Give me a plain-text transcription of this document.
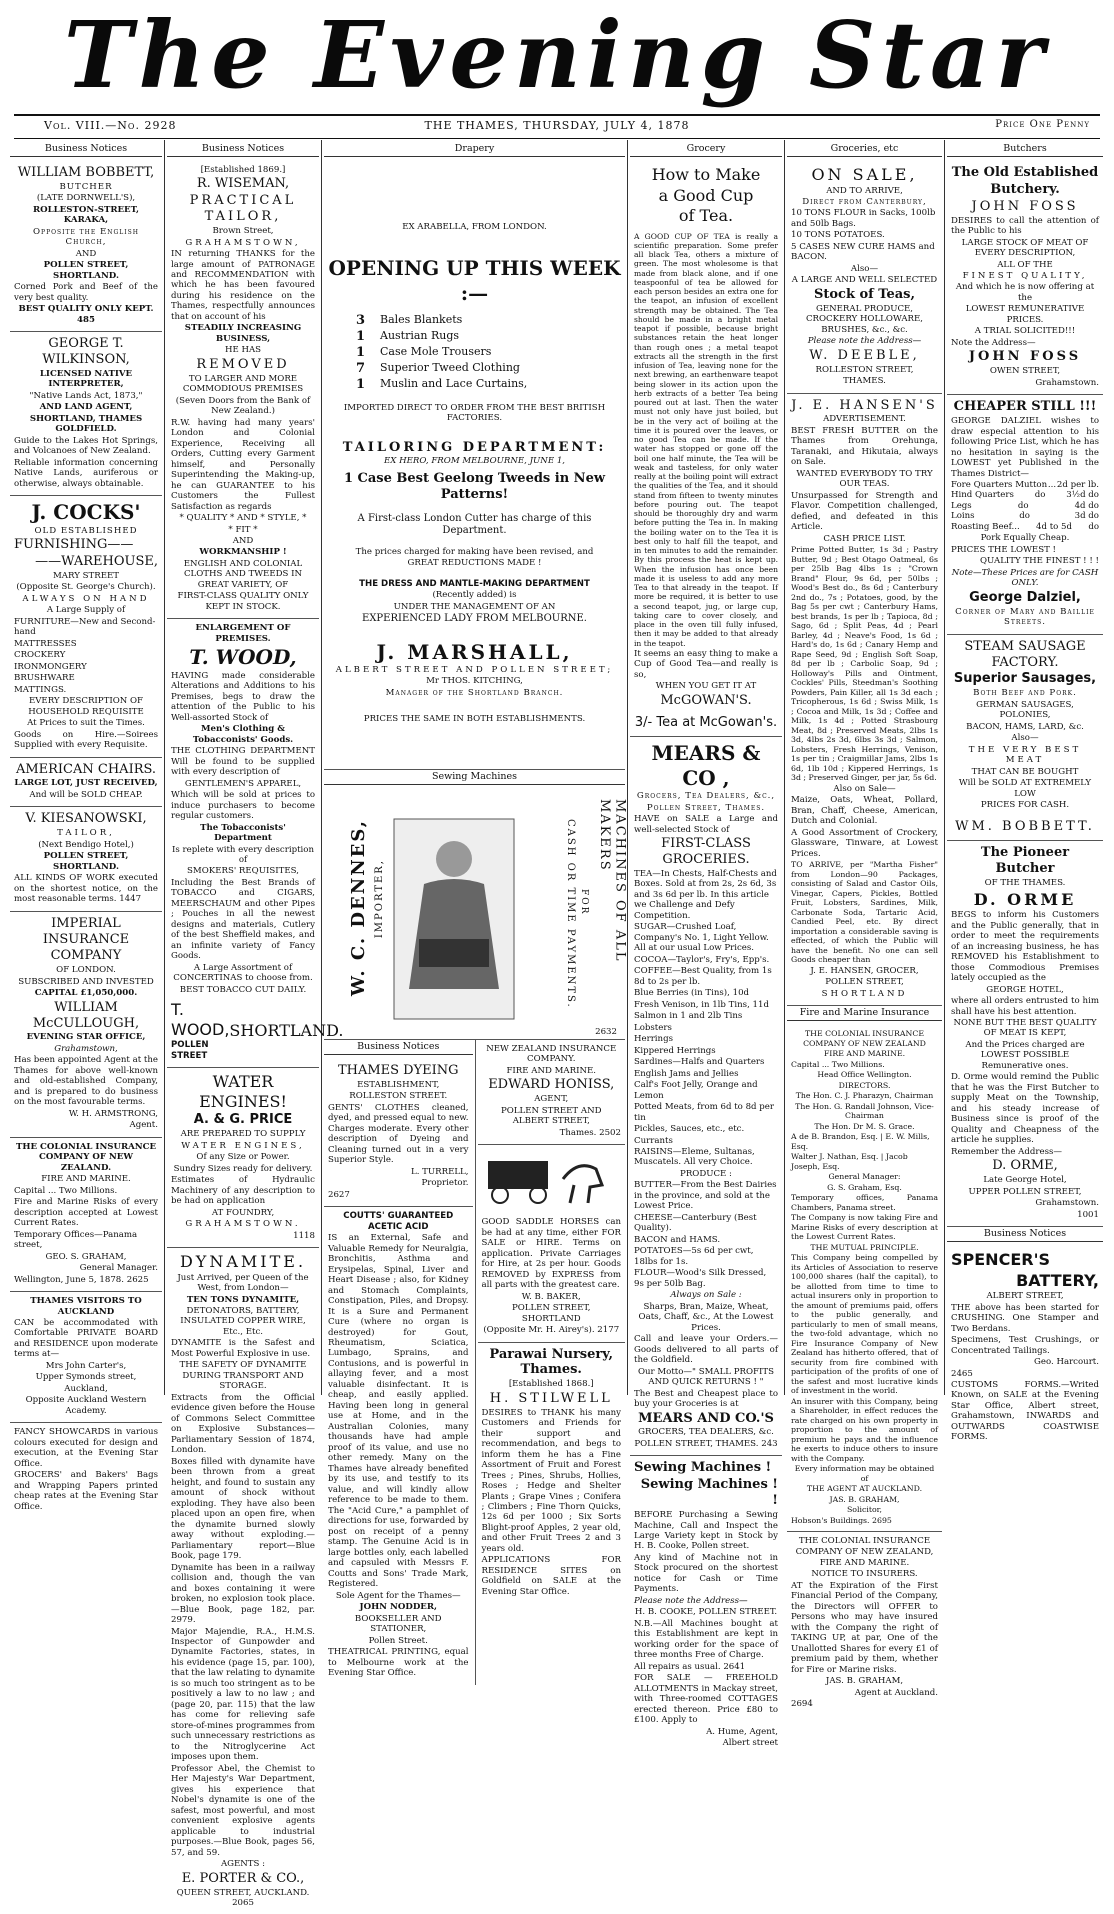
The Evening Star
Vol. VIII.—No. 2928	THE THAMES, THURSDAY, JULY 4, 1878	Price One Penny
Business Notices

WILLIAM BOBBETT,

BUTCHER

(LATE DORNWELL'S),

ROLLESTON-STREET, KARAKA,

Opposite the English Church,

AND

POLLEN STREET, SHORTLAND.

Corned Pork and Beef of the very best quality.

BEST QUALITY ONLY KEPT. 485

GEORGE T. WILKINSON,

LICENSED NATIVE INTERPRETER,

"Native Lands Act, 1873,"

AND LAND AGENT,

SHORTLAND, THAMES GOLDFIELD.

Guide to the Lakes Hot Springs, and Volcanoes of New Zealand.

Reliable information concerning Native Lands, auriferous or otherwise, always obtainable.

J. COCKS'

OLD ESTABLISHED

FURNISHING——

——WAREHOUSE,

MARY STREET

(Opposite St. George's Church).

ALWAYS ON HAND

A Large Supply of

FURNITURE—New and Second-hand

MATTRESSES

CROCKERY

IRONMONGERY

BRUSHWARE

MATTINGS.

EVERY DESCRIPTION OF HOUSEHOLD REQUISITE

At Prices to suit the Times.

Goods on Hire.—Soirees Supplied with every Requisite.

AMERICAN CHAIRS.

LARGE LOT, JUST RECEIVED,

And will be SOLD CHEAP.

V. KIESANOWSKI,

TAILOR,

(Next Bendigo Hotel,)

POLLEN STREET, SHORTLAND.

ALL KINDS OF WORK executed on the shortest notice, on the most reasonable terms. 1447

IMPERIAL

INSURANCE COMPANY

OF LONDON.

SUBSCRIBED AND INVESTED

CAPITAL £1,050,000.

WILLIAM McCULLOUGH,

EVENING STAR OFFICE,

Grahamstown,

Has been appointed Agent at the Thames for above well-known and old-established Company, and is prepared to do business on the most favourable terms.

W. H. ARMSTRONG,

Agent.

THE COLONIAL INSURANCE COMPANY OF NEW ZEALAND.

FIRE AND MARINE.

Capital ... Two Millions.

Fire and Marine Risks of every description accepted at Lowest Current Rates.

Temporary Offices—Panama street,

GEO. S. GRAHAM,

General Manager.

Wellington, June 5, 1878. 2625

THAMES VISITORS TO AUCKLAND

CAN be accommodated with Comfortable PRIVATE BOARD and RESIDENCE upon moderate terms at—

Mrs John Carter's,

Upper Symonds street,

Auckland,

Opposite Auckland Western Academy.

FANCY SHOWCARDS in various colours executed for design and execution, at the Evening Star Office.

GROCERS' and Bakers' Bags and Wrapping Papers printed cheap rates at the Evening Star Office.

Business Notices

[Established 1869.]

R. WISEMAN,

PRACTICAL TAILOR,

Brown Street,

GRAHAMSTOWN,

IN returning THANKS for the large amount of PATRONAGE and RECOMMENDATION with which he has been favoured during his residence on the Thames, respectfully announces that on account of his

STEADILY INCREASING BUSINESS,

HE HAS

REMOVED

TO LARGER AND MORE COMMODIOUS PREMISES

(Seven Doors from the Bank of New Zealand.)

R.W. having had many years' London and Colonial Experience, Receiving all Orders, Cutting every Garment himself, and Personally Superintending the Making-up, he can GUARANTEE to his Customers the Fullest Satisfaction as regards

* QUALITY * AND * STYLE, *

* FIT *

AND

WORKMANSHIP !

ENGLISH AND COLONIAL CLOTHS AND TWEEDS IN GREAT VARIETY, OF

FIRST-CLASS QUALITY ONLY KEPT IN STOCK.

ENLARGEMENT OF PREMISES.

T. WOOD,

HAVING made considerable Alterations and Additions to his Premises, begs to draw the attention of the Public to his Well-assorted Stock of

Men's Clothing & Tobacconists' Goods.

THE CLOTHING DEPARTMENT Will be found to be supplied with every description of

GENTLEMEN'S APPAREL,

Which will be sold at prices to induce purchasers to become regular customers.

The Tobacconists' Department

Is replete with every description of

SMOKERS' REQUISITES,

Including the Best Brands of TOBACCO and CIGARS, MEERSCHAUM and other Pipes ; Pouches in all the newest designs and materials, Cutlery of the best Sheffield makes, and an infinite variety of Fancy Goods.

A Large Assortment of CONCERTINAS to choose from.

BEST TOBACCO CUT DAILY.

T. WOOD,

POLLEN STREET

SHORTLAND.

WATER ENGINES!

A. & G. PRICE

ARE PREPARED TO SUPPLY

WATER ENGINES,

Of any Size or Power.

Sundry Sizes ready for delivery.

Estimates of Hydraulic Machinery of any description to be had on application

AT FOUNDRY,

GRAHAMSTOWN.

1118

DYNAMITE.

Just Arrived, per Queen of the West, from London—

TEN TONS DYNAMITE,

DETONATORS, BATTERY, INSULATED COPPER WIRE, Etc., Etc.

DYNAMITE is the Safest and Most Powerful Explosive in use.

THE SAFETY OF DYNAMITE DURING TRANSPORT AND STORAGE.

Extracts from the Official evidence given before the House of Commons Select Committee on Explosive Substances—Parliamentary Session of 1874, London.

Boxes filled with dynamite have been thrown from a great height, and found to sustain any amount of shock without exploding. They have also been placed upon an open fire, when the dynamite burned slowly away without exploding.—Parliamentary report—Blue Book, page 179.

Dynamite has been in a railway collision and, though the van and boxes containing it were broken, no explosion took place.—Blue Book, page 182, par. 2979.

Major Majendie, R.A., H.M.S. Inspector of Gunpowder and Dynamite Factories, states, in his evidence (page 15, par. 100), that the law relating to dynamite is so much too stringent as to be positively a law to no law ; and (page 20, par. 115) that the law has come for relieving safe store-of-mines programmes from such unnecessary restrictions as to the Nitroglycerine Act imposes upon them.

Professor Abel, the Chemist to Her Majesty's War Department, gives his experience that Nobel's dynamite is one of the safest, most powerful, and most convenient explosive agents applicable to industrial purposes.—Blue Book, pages 56, 57, and 59.

AGENTS :

E. PORTER & CO.,

QUEEN STREET, AUCKLAND. 2065

Drapery

EX ARABELLA, FROM LONDON.

OPENING UP THIS WEEK :—

3	Bales Blankets
1	Austrian Rugs
1	Case Mole Trousers
7	Superior Tweed Clothing
1	Muslin and Lace Curtains,

IMPORTED DIRECT TO ORDER FROM THE BEST BRITISH FACTORIES.

TAILORING DEPARTMENT:

EX HERO, FROM MELBOURNE, JUNE 1,

1 Case Best Geelong Tweeds in New Patterns!

A First-class London Cutter has charge of this Department.

The prices charged for making have been revised, and

GREAT REDUCTIONS MADE !

THE DRESS AND MANTLE-MAKING DEPARTMENT

(Recently added) is

UNDER THE MANAGEMENT OF AN

EXPERIENCED LADY FROM MELBOURNE.

J. MARSHALL,

ALBERT STREET AND POLLEN STREET;

Mr THOS. KITCHING,

Manager of the Shortland Branch.

PRICES THE SAME IN BOTH ESTABLISHMENTS.

Sewing Machines
W. C. DENNES, IMPORTER,	MACHINES OF ALL MAKERS
FOR
CASH OR TIME PAYMENTS.
2632
Business Notices

THAMES DYEING

ESTABLISHMENT,

ROLLESTON STREET.

GENTS' CLOTHES cleaned, dyed, and pressed equal to new. Charges moderate. Every other description of Dyeing and Cleaning turned out in a very Superior Style.

L. TURRELL,

Proprietor.

2627

COUTTS' GUARANTEED ACETIC ACID

IS an External, Safe and Valuable Remedy for Neuralgia, Bronchitis, Asthma and Erysipelas, Spinal, Liver and Heart Disease ; also, for Kidney and Stomach Complaints, Constipation, Piles, and Dropsy. It is a Sure and Permanent Cure (where no organ is destroyed) for Gout, Rheumatism, Sciatica, Lumbago, Sprains, and Contusions, and is powerful in allaying fever, and a most valuable disinfectant. It is cheap, and easily applied. Having been long in general use at Home, and in the Australian Colonies, many thousands have had ample proof of its value, and use no other remedy. Many on the Thames have already benefited by its use, and testify to its value, and will kindly allow reference to be made to them. The "Acid Cure," a pamphlet of directions for use, forwarded by post on receipt of a penny stamp. The Genuine Acid is in large bottles only, each labelled and capsuled with Messrs F. Coutts and Sons' Trade Mark, Registered.

Sole Agent for the Thames—

JOHN NODDER,

BOOKSELLER AND STATIONER,

Pollen Street.

THEATRICAL PRINTING, equal to Melbourne work at the Evening Star Office.

NEW ZEALAND INSURANCE COMPANY.

FIRE AND MARINE.

EDWARD HONISS,

AGENT,

POLLEN STREET AND ALBERT STREET,

Thames. 2502

GOOD SADDLE HORSES can be had at any time, either FOR SALE or HIRE. Terms on application. Private Carriages for Hire, at 2s per hour. Goods REMOVED by EXPRESS from all parts with the greatest care.

W. B. BAKER,

POLLEN STREET, SHORTLAND

(Opposite Mr. H. Airey's). 2177

Parawai Nursery, Thames.

[Established 1868.]

H. STILWELL

DESIRES to THANK his many Customers and Friends for their support and recommendation, and begs to inform them he has a Fine Assortment of Fruit and Forest Trees ; Pines, Shrubs, Hollies, Roses ; Hedge and Shelter Plants ; Grape Vines ; Conifera ; Climbers ; Fine Thorn Quicks, 12s 6d per 1000 ; Six Sorts Blight-proof Apples, 2 year old, and other Fruit Trees 2 and 3 years old.

APPLICATIONS FOR RESIDENCE SITES on Goldfield on SALE at the Evening Star Office.

Grocery

How to Make

a Good Cup

of Tea.

A GOOD CUP OF TEA is really a scientific preparation. Some prefer all black Tea, others a mixture of green. The most wholesome is that made from black alone, and if one teaspoonful of tea be allowed for each person besides an extra one for the teapot, an infusion of excellent strength may be obtained. The Tea should be made in a bright metal teapot if possible, because bright substances retain the heat longer than rough ones ; a metal teapot extracts all the strength in the first infusion of Tea, leaving none for the next brewing, an earthenware teapot being slower in its action upon the herb extracts of a better Tea being poured out at last. Then the water must not only have just boiled, but be in the very act of boiling at the time it is poured over the leaves, or no good Tea can be made. If the water has stopped or gone off the boil one half minute, the Tea will be weak and tasteless, for only water really at the boiling point will extract the qualities of the Tea, and it should stand from fifteen to twenty minutes before pouring out. The teapot should be thoroughly dry and warm before putting the Tea in. In making the boiling water on to the Tea it is best only to half fill the teapot, and in ten minutes to add the remainder. By this process the heat is kept up. When the infusion has once been made it is useless to add any more Tea to that already in the teapot. If more be required, it is better to use a second teapot, jug, or large cup, taking care to cover closely, and place in the oven till fully infused, then it may be added to that already in the teapot.

It seems an easy thing to make a Cup of Good Tea—and really is so,

WHEN YOU GET IT AT

McGOWAN'S.

3/- Tea at McGowan's.

MEARS & CO ,

Grocers, Tea Dealers, &c.,

Pollen Street, Thames.

HAVE on SALE a Large and well-selected Stock of

FIRST-CLASS GROCERIES.

TEA—In Chests, Half-Chests and Boxes. Sold at from 2s, 2s 6d, 3s and 3s 6d per lb. In this article we Challenge and Defy Competition.

SUGAR—Crushed Loaf, Company's No. 1, Light Yellow. All at our usual Low Prices.

COCOA—Taylor's, Fry's, Epp's.

COFFEE—Best Quality, from 1s 8d to 2s per lb.

Blue Berries (in Tins), 10d

Fresh Venison, in 1lb Tins, 11d

Salmon in 1 and 2lb Tins

Lobsters

Herrings

Kippered Herrings

Sardines—Halfs and Quarters

English Jams and Jellies

Calf's Foot Jelly, Orange and Lemon

Potted Meats, from 6d to 8d per tin

Pickles, Sauces, etc., etc.

Currants

RAISINS—Eleme, Sultanas, Muscatels. All very Choice.

PRODUCE :

BUTTER—From the Best Dairies in the province, and sold at the Lowest Price.

CHEESE—Canterbury (Best Quality).

BACON and HAMS.

POTATOES—5s 6d per cwt, 18lbs for 1s.

FLOUR—Wood's Silk Dressed, 9s per 50lb Bag.

Always on Sale :

Sharps, Bran, Maize, Wheat, Oats, Chaff, &c., At the Lowest Prices.

Call and leave your Orders.—Goods delivered to all parts of the Goldfield.

Our Motto—" SMALL PROFITS AND QUICK RETURNS ! "

The Best and Cheapest place to buy your Groceries is at

MEARS AND CO.'S

GROCERS, TEA DEALERS, &c.

POLLEN STREET, THAMES. 243

Sewing Machines !

Sewing Machines ! !

BEFORE Purchasing a Sewing Machine, Call and Inspect the Large Variety kept in Stock by H. B. Cooke, Pollen street.

Any kind of Machine not in Stock procured on the shortest notice for Cash or Time Payments.

Please note the Address—

H. B. COOKE, POLLEN STREET.

N.B.—All Machines bought at this Establishment are kept in working order for the space of three months Free of Charge.

All repairs as usual. 2641

FOR SALE — FREEHOLD ALLOTMENTS in Mackay street, with Three-roomed COTTAGES erected thereon. Price £80 to £100. Apply to

A. Hume, Agent,

Albert street

Groceries, etc

ON SALE,

AND TO ARRIVE,

Direct from Canterbury,

10 TONS FLOUR in Sacks, 100lb and 50lb Bags.

10 TONS POTATOES.

5 CASES NEW CURE HAMS and BACON.

Also—

A LARGE AND WELL SELECTED

Stock of Teas,

GENERAL PRODUCE, CROCKERY HOLLOWARE, BRUSHES, &c., &c.

Please note the Address—

W. DEEBLE,

ROLLESTON STREET,

THAMES.

J. E. HANSEN'S

ADVERTISEMENT.

BEST FRESH BUTTER on the Thames from Orehunga, Taranaki, and Hikutaia, always on Sale.

WANTED EVERYBODY TO TRY OUR TEAS.

Unsurpassed for Strength and Flavor. Competition challenged, defied, and defeated in this Article.

CASH PRICE LIST.

Prime Potted Butter, 1s 3d ; Pastry Butter, 9d ; Best Otago Oatmeal, 6s per 25lb Bag 4lbs 1s ; "Crown Brand" Flour, 9s 6d, per 50lbs ; Wood's Best do., 8s 6d ; Canterbury 2nd do., 7s ; Potatoes, good, by the Bag 5s per cwt ; Canterbury Hams, best brands, 1s per lb ; Tapioca, 8d ; Sago, 6d ; Split Peas, 4d ; Pearl Barley, 4d ; Neave's Food, 1s 6d ; Hard's do, 1s 6d ; Canary Hemp and Rape Seed, 9d ; English Soft Soap, 8d per lb ; Carbolic Soap, 9d ; Holloway's Pills and Ointment, Cockles' Pills, Steedman's Soothing Powders, Pain Killer, all 1s 3d each ; Tricopherous, 1s 6d ; Swiss Milk, 1s ; Cocoa and Milk, 1s 3d ; Coffee and Milk, 1s 4d ; Potted Strasbourg Meat, 8d ; Preserved Meats, 2lbs 1s 3d, 4lbs 2s 3d, 6lbs 3s 3d ; Salmon, Lobsters, Fresh Herrings, Venison, 1s per tin ; Craigmillar Jams, 2lbs 1s 6d, 1lb 10d ; Kippered Herrings, 1s 3d ; Preserved Ginger, per jar, 5s 6d.

Also on Sale—

Maize, Oats, Wheat, Pollard, Bran, Chaff, Cheese, American, Dutch and Colonial.

A Good Assortment of Crockery, Glassware, Tinware, at Lowest Prices.

TO ARRIVE, per "Martha Fisher" from London—90 Packages, consisting of Salad and Castor Oils, Vinegar, Capers, Pickles, Bottled Fruit, Lobsters, Sardines, Milk, Carbonate Soda, Tartaric Acid, Candied Peel, etc. By direct importation a considerable saving is effected, of which the Public will have the benefit. No one can sell Goods cheaper than

J. E. HANSEN, GROCER,

POLLEN STREET,

SHORTLAND

Fire and Marine Insurance

THE COLONIAL INSURANCE COMPANY OF NEW ZEALAND

FIRE AND MARINE.

Capital ... Two Millions.

Head Office Wellington.

DIRECTORS.

The Hon. C. J. Pharazyn, Chairman

The Hon. G. Randall Johnson, Vice-Chairman

The Hon. Dr M. S. Grace.

A de B. Brandon, Esq. | E. W. Mills, Esq.

Walter J. Nathan, Esq. | Jacob Joseph, Esq.

General Manager:

G. S. Graham, Esq.

Temporary offices, Panama Chambers, Panama street.

The Company is now taking Fire and Marine Risks of every description at the Lowest Current Rates.

THE MUTUAL PRINCIPLE.

This Company being compelled by its Articles of Association to reserve 100,000 shares (half the capital), to be allotted from time to time to actual insurers only in proportion to the amount of premiums paid, offers to the public generally, and particularly to men of small means, the two-fold advantage, which no Fire Insurance Company of New Zealand has hitherto offered, that of security from fire combined with participation of the profits of one of the safest and most lucrative kinds of investment in the world.

An insurer with this Company, being a Shareholder, in effect reduces the rate charged on his own property in proportion to the amount of premium he pays and the influence he exerts to induce others to insure with the Company.

Every information may be obtained of

THE AGENT AT AUCKLAND.

JAS. B. GRAHAM,

Solicitor,

Hobson's Buildings. 2695

THE COLONIAL INSURANCE COMPANY OF NEW ZEALAND,

FIRE AND MARINE.

NOTICE TO INSURERS.

AT the Expiration of the First Financial Period of the Company, the Directors will OFFER to Persons who may have insured with the Company the right of TAKING UP, at par, One of the Unallotted Shares for every £1 of premium paid by them, whether for Fire or Marine risks.

JAS. B. GRAHAM,

Agent at Auckland.

2694

Butchers

The Old Established

Butchery.

JOHN FOSS

DESIRES to call the attention of the Public to his

LARGE STOCK OF MEAT OF EVERY DESCRIPTION,

ALL OF THE

FINEST QUALITY,

And which he is now offering at the

LOWEST REMUNERATIVE PRICES.

A TRIAL SOLICITED!!!

Note the Address—

JOHN FOSS

OWEN STREET,

Grahamstown.

CHEAPER STILL !!!

GEORGE DALZIEL wishes to draw especial attention to his following Price List, which he has no hesitation in saying is the LOWEST yet Published in the Thames District—

Fore Quarters Mutton ... 2d per lb.
Hind Quarters do 3½d do
Legs	do	4d do
Loins	do	3d do
Roasting Beef... 4d to 5d do

Pork Equally Cheap.

PRICES THE LOWEST !

QUALITY THE FINEST ! ! !

Note—These Prices are for CASH ONLY.

George Dalziel,

Corner of Mary and Baillie Streets.

STEAM SAUSAGE FACTORY.

Superior Sausages,

Both Beef and Pork.

GERMAN SAUSAGES, POLONIES,

BACON, HAMS, LARD, &c.

Also—

THE VERY BEST MEAT

THAT CAN BE BOUGHT

Will be SOLD AT EXTREMELY LOW

PRICES FOR CASH.

WM. BOBBETT.

The Pioneer Butcher

OF THE THAMES.

D. ORME

BEGS to inform his Customers and the Public generally, that in order to meet the requirements of an increasing business, he has REMOVED his Establishment to those Commodious Premises lately occupied as the

GEORGE HOTEL,

where all orders entrusted to him shall have his best attention.

NONE BUT THE BEST QUALITY OF MEAT IS KEPT,

And the Prices charged are LOWEST POSSIBLE Remunerative ones.

D. Orme would remind the Public that he was the First Butcher to supply Meat on the Township, and his steady increase of Business since is proof of the Quality and Cheapness of the article he supplies.

Remember the Address—

D. ORME,

Late George Hotel,

UPPER POLLEN STREET,

Grahamstown.

1001

Business Notices

SPENCER'S

BATTERY,

ALBERT STREET,

THE above has been started for CRUSHING. One Stamper and Two Berdans.

Specimens, Test Crushings, or Concentrated Tailings.

Geo. Harcourt.

2465

CUSTOMS FORMS.—Writed Known, on SALE at the Evening Star Office, Albert street, Grahamstown, INWARDS and OUTWARDS COASTWISE FORMS.
